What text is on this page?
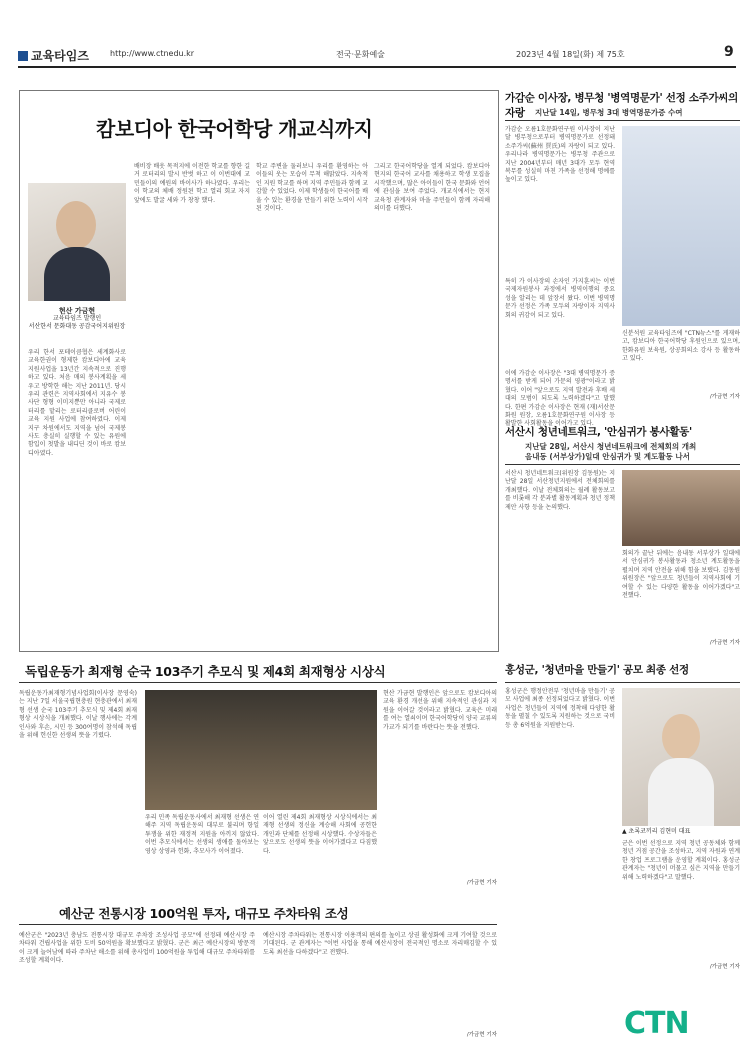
교육타임즈	http://www.ctnedu.kr	전국·문화예술	2023년 4월 18일(화) 제 75호	9
캄보디아 한국어학당 개교식까지
현산 가금현
교육타임즈 발행인
서산한서 문화대동 공감국어지위원장
우리 한서 포테이큼협은 세계화사로 교육한권이 형제한 캄보디아에 교육지원사업을 13년간 지속적으로 진행하고 있다. 처음 매의 봉사계획을 세우고 방학한 해는 지난 2011년. 당시 우리 관련은 지역사회에서 지유수 봉사단 형형 이미지뿐만 아니라 국제로터리를 맡리는 로터리클로버 어린이교육 지원 사업에 참여하였다. 이제 지구 차원에서도 지역을 넘어 국제봉사도 충실히 실행할 수 있는 유원에 함입이 첫발을 내디딘 것이 바로 캄보디아였다.
배비장 배웃 목적지에 이전한 학교를 향한 길거 로터리의 발시 반벗 하고 이 이번대에 교민들이의 예원의 바이사가 하나였다. 우리는 이 학교의 체배 정원된 학고 열리 회교 자지 앞에도 발굴 세와 가 창창 했다.
학교 주변을 둘러보니 우리를 환영하는 아이들의 웃는 모습이 무척 해맑았다. 지속적인 지원 학교를 하며 지역 주민들과 함께 교감할 수 있었다. 이제 학생들이 한국어를 배울 수 있는 환경을 만들기 위한 노력이 시작된 것이다.
그리고 한국어학당을 열게 되었다. 캄보디아 현지의 한국어 교사를 채용하고 학생 모집을 시작했으며, 많은 아이들이 한국 문화와 언어에 관심을 보여 주었다. 개교식에서는 현지 교육청 관계자와 마을 주민들이 함께 자리해 의미를 더했다.
가감순 이사장, 병무청 '병역명문가' 선정 소주가씨의 자랑	지난달 14일, 병무청 3대 병역명문가증 수여
가감순 오름1호문화연구원 이사장이 지난달 병무청으로부터 병역명문가로 선정돼 소주가씨(蘇州 賈氏)의 자랑이 되고 있다. 우리나라 병역명문가는 병무청 주관으로 지난 2004년부터 매년 3대가 모두 현역 복무를 성실히 마친 가족을 선정해 명예를 높이고 있다.
특히 가 이사장의 손자인 가지훈씨는 이번 국제자원봉사 과정에서 병역이행의 중요성을 알리는 데 앞장서 왔다. 이번 병역명문가 선정은 가족 모두의 자랑이자 지역사회의 귀감이 되고 있다.
이에 가감순 이사장은 "3대 병역명문가 증명서를 받게 되어 가문의 영광"이라고 밝혔다. 이어 "앞으로도 지역 발전과 후배 세대의 모범이 되도록 노력하겠다"고 말했다. 한편 가감순 이사장은 현재 (재)서산문화원 원장, 오름1호문화연구원 이사장 등 활발한 사회활동을 이어가고 있다.
신분석원 교육타임즈에 "CTN뉴스"를 게재하고, 캄보디아 한국어학당 후원인으로 있으며, 한화유원 보육원, 상공회의소 강사 등 활동하고 있다.
/가금현 기자
서산시 청년네트워크, '안심귀가 봉사활동'
지난달 28일, 서산시 청년네트워크에 전체회의 개최
음내동 (서부상가)일대 안심귀가 및 계도활동 나서
서산시 청년네트워크(위원장 김동원)는 지난달 28일 서산청년지원에서 전체회의를 개최했다. 이날 전체회의는 월례 활동보고를 비롯해 각 분과별 활동계획과 청년 정책 제안 사항 등을 논의했다.
회의가 끝난 뒤에는 음내동 서부상가 일대에서 안심귀가 봉사활동과 청소년 계도활동을 펼치며 지역 안전을 위해 힘을 보탰다. 김동원 위원장은 "앞으로도 청년들이 지역사회에 기여할 수 있는 다양한 활동을 이어가겠다"고 전했다.
/가금현 기자
독립운동가 최재형 순국 103주기 추모식 및 제4회 최재형상 시상식
독립운동가최재형기념사업회(이사장 문영숙)는 지난 7일 서울국립현충원 현충관에서 최재형 선생 순국 103주기 추모식 및 제4회 최재형상 시상식을 개최했다. 이날 행사에는 각계 인사와 후손, 시민 등 300여명이 참석해 독립을 위해 헌신한 선생의 뜻을 기렸다.
우리 민족 독립운동사에서 최재형 선생은 연해주 지역 독립운동의 대부로 불리며 항일 투쟁을 위한 재정적 지원을 아끼지 않았다. 이번 추모식에서는 선생의 생애를 돌아보는 영상 상영과 헌화, 추모사가 이어졌다.
이어 열린 제4회 최재형상 시상식에서는 최재형 선생의 정신을 계승해 사회에 공헌한 개인과 단체를 선정해 시상했다. 수상자들은 앞으로도 선생의 뜻을 이어가겠다고 다짐했다.
현산 가금현 발행인은 앞으로도 캄보디아의 교육 환경 개선을 위해 지속적인 관심과 지원을 이어갈 것이라고 밝혔다. 교육은 미래를 여는 열쇠이며 한국어학당이 양국 교류의 가교가 되기를 바란다는 뜻을 전했다.
/가금현 기자
홍성군, '청년마을 만들기' 공모 최종 선정
홍성군은 행정안전부 '청년마을 만들기' 공모 사업에 최종 선정되었다고 밝혔다. 이번 사업은 청년들이 지역에 정착해 다양한 활동을 펼칠 수 있도록 지원하는 것으로 국비 등 총 6억원을 지원받는다.
▲ 초록코끼리 김현미 대표
군은 이번 선정으로 지역 청년 공동체와 함께 청년 거점 공간을 조성하고, 지역 자원과 연계한 창업 프로그램을 운영할 계획이다. 홍성군 관계자는 "청년이 머물고 싶은 지역을 만들기 위해 노력하겠다"고 말했다.
/가금현 기자
예산군 전통시장 100억원 투자, 대규모 주차타워 조성
예산군은 "2023년 충남도 전통시장 대규모 주차장 조성사업 공모"에 선정돼 예산시장 주차타워 건립사업을 위한 도비 50억원을 확보했다고 밝혔다. 군은 최근 예산시장의 방문객이 크게 늘어남에 따라 주차난 해소를 위해 총사업비 100억원을 투입해 대규모 주차타워를 조성할 계획이다.
예산시장 주차타워는 전통시장 이용객의 편의를 높이고 상권 활성화에 크게 기여할 것으로 기대된다. 군 관계자는 "이번 사업을 통해 예산시장이 전국적인 명소로 자리매김할 수 있도록 최선을 다하겠다"고 전했다.
/가금현 기자	CTN
